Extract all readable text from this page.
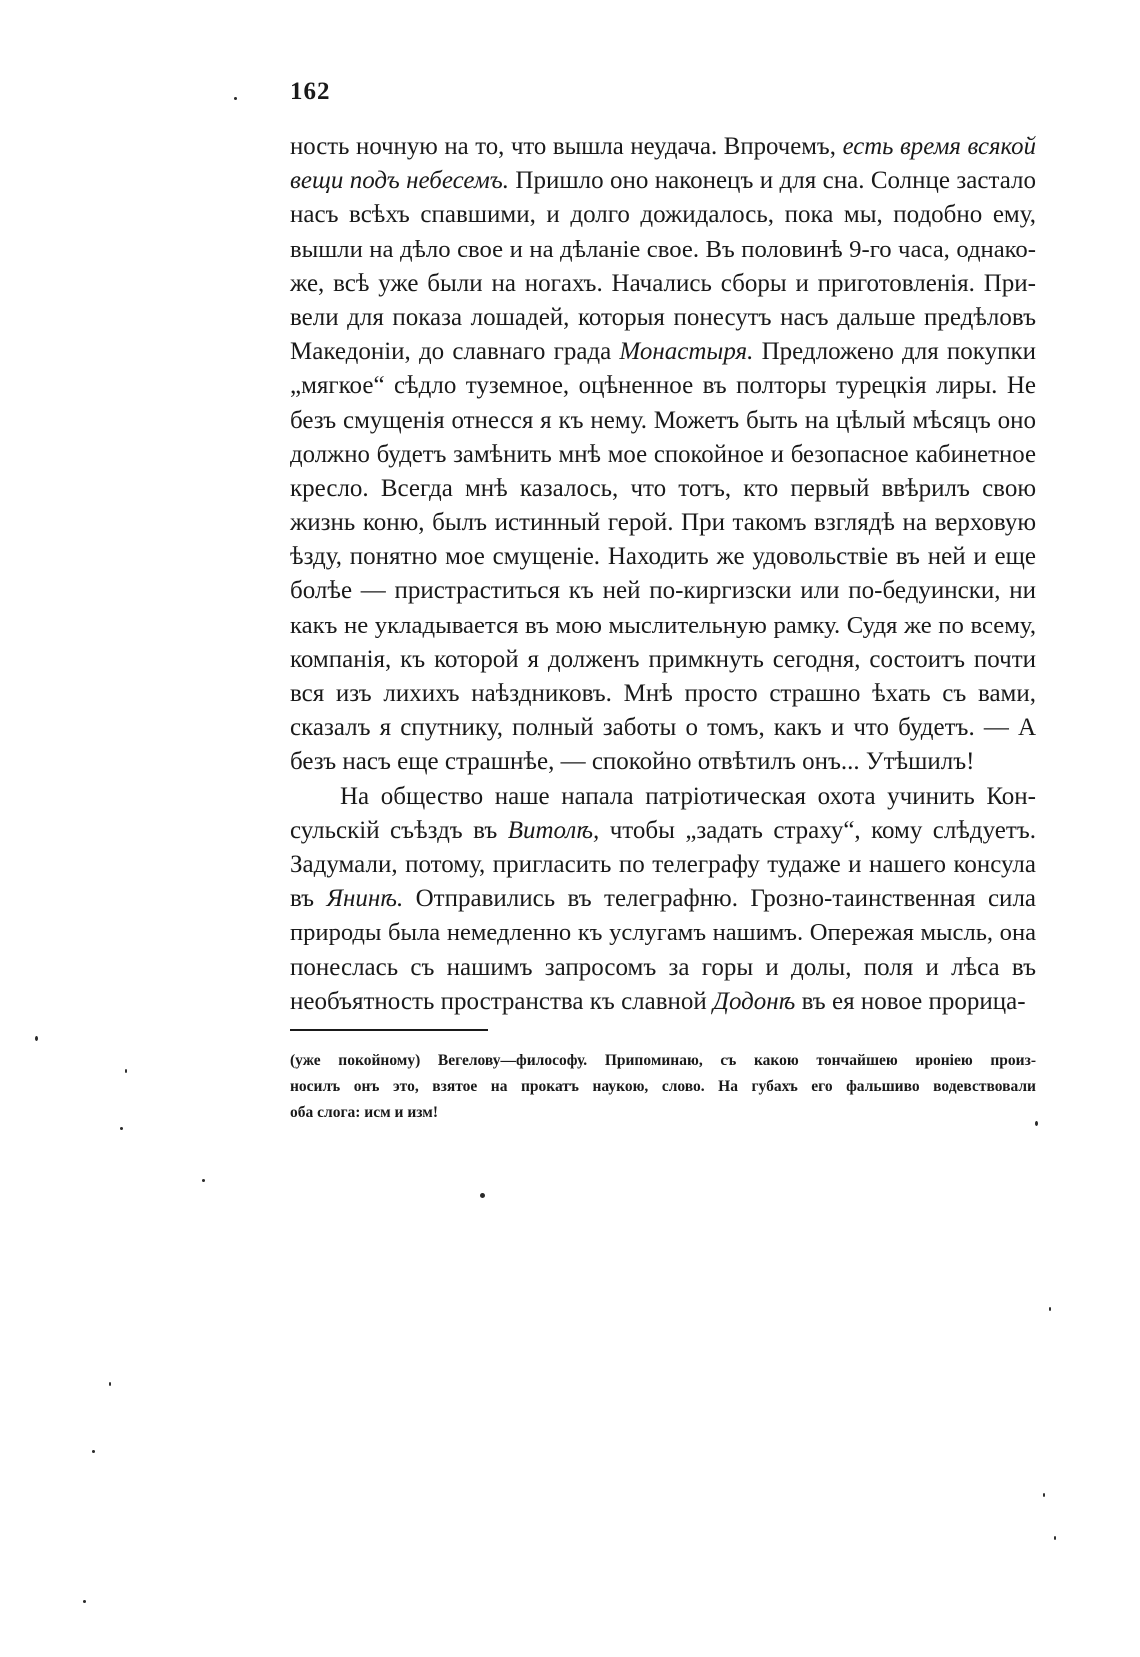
162
ность ночную на то, что вышла неудача. Впрочемъ, есть время всякой
вещи подъ небесемъ. Пришло оно наконецъ и для сна. Солнце застало
насъ всѣхъ спавшими, и долго дожидалось, пока мы, подобно ему,
вышли на дѣло свое и на дѣланіе свое. Въ половинѣ 9-го часа, однако-
же, всѣ уже были на ногахъ. Начались сборы и приготовленія. При-
вели для показа лошадей, которыя понесутъ насъ дальше предѣловъ
Македоніи, до славнаго града Монастыря. Предложено для покупки
„мягкое“ сѣдло туземное, оцѣненное въ полторы турецкія лиры. Не
безъ смущенія отнесся я къ нему. Можетъ быть на цѣлый мѣсяцъ оно
должно будетъ замѣнить мнѣ мое спокойное и безопасное кабинетное
кресло. Всегда мнѣ казалось, что тотъ, кто первый ввѣрилъ свою
жизнь коню, былъ истинный герой. При такомъ взглядѣ на верховую
ѣзду, понятно мое смущеніе. Находить же удовольствіе въ ней и еще
болѣе — пристраститься къ ней по-киргизски или по-бедуински, ни
какъ не укладывается въ мою мыслительную рамку. Судя же по всему,
компанія, къ которой я долженъ примкнуть сегодня, состоитъ почти
вся изъ лихихъ наѣздниковъ. Мнѣ просто страшно ѣхать съ вами,
сказалъ я спутнику, полный заботы о томъ, какъ и что будетъ. — А
безъ насъ еще страшнѣе, — спокойно отвѣтилъ онъ... Утѣшилъ!
На общество наше напала патріотическая охота учинить Кон-
сульскій съѣздъ въ Витолѣ, чтобы „задать страху“, кому слѣдуетъ.
Задумали, потому, пригласить по телеграфу тудаже и нашего консула
въ Янинѣ. Отправились въ телеграфню. Грозно-таинственная сила
природы была немедленно къ услугамъ нашимъ. Опережая мысль, она
понеслась съ нашимъ запросомъ за горы и долы, поля и лѣса въ
необъятность пространства къ славной Додонѣ въ ея новое прорица-
(уже покойному) Вегелову—философу. Припоминаю, съ какою тончайшею ироніею произ-
носилъ онъ это, взятое на прокатъ наукою, слово. На губахъ его фальшиво водевствовали
оба слога: исм и изм!
